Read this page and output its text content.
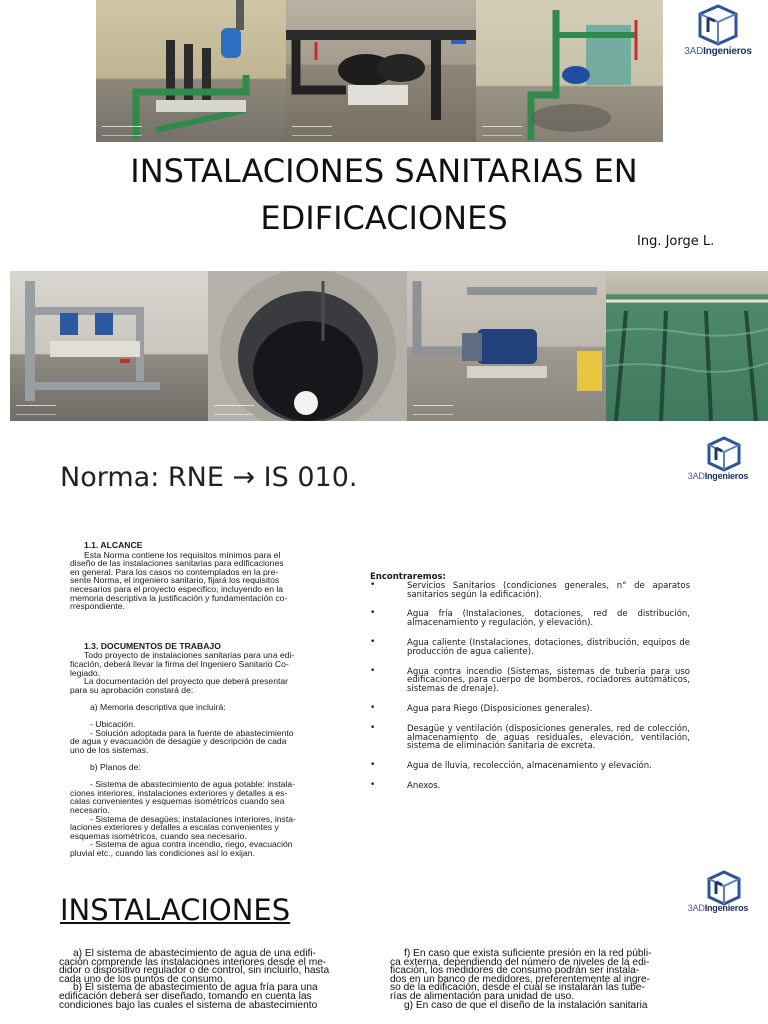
3ADIngenieros
INSTALACIONES SANITARIAS EN
EDIFICACIONES
Ing. Jorge L.
3ADIngenieros
Norma: RNE → IS 010.
1.1. ALCANCE

Esta Norma contiene los requisitos mínimos para el

diseño de las instalaciones sanitarias para edificaciones

en general. Para los casos no contemplados en la pre-

sente Norma, el ingeniero sanitario, fijará los requisitos

necesarios para el proyecto especifico, incluyendo en la

memoria descriptiva la justificación y fundamentación co-

rrespondiente.

1.3. DOCUMENTOS DE TRABAJO

Todo proyecto de instalaciones sanitarias para una edi-

ficación, deberá llevar la firma del Ingeniero Sanitario Co-

legiado.

La documentación del proyecto que deberá presentar

para su aprobación constará de:

a) Memoria descriptiva que incluirá:

- Ubicación.

- Solución adoptada para la fuente de abastecimiento

de agua y evacuación de desagüe y descripción de cada

uno de los sistemas.

b) Planos de:

- Sistema de abastecimiento de agua potable: instala-

ciones interiores, instalaciones exteriores y detalles a es-

calas convenientes y esquemas isométricos cuando sea

necesario.

- Sistema de desagües; instalaciones interiores, insta-

laciones exteriores y detalles a escalas convenientes y

esquemas isométricos, cuando sea necesario.

- Sistema de agua contra incendio, riego, evacuación

pluvial etc., cuando las condiciones así lo exijan.

Encontraremos:
• Servicios Sanitarios (condiciones generales, n° de aparatos sanitarios según la edificación).
• Agua fría (Instalaciones, dotaciones, red de distribución, almacenamiento y regulación, y elevación).
• Agua caliente (Instalaciones, dotaciones, distribución, equipos de producción de agua caliente).
• Agua contra incendio (Sistemas, sistemas de tubería para uso edificaciones, para cuerpo de bomberos, rociadores automáticos, sistemas de drenaje).
• Agua para Riego (Disposiciones generales).
• Desagüe y ventilación (disposiciones generales, red de colección, almacenamiento de aguas residuales, elevación, ventilación, sistema de eliminación sanitaria de excreta.
• Agua de lluvia, recolección, almacenamiento y elevación.
• Anexos.
3ADIngenieros
INSTALACIONES
a) El sistema de abastecimiento de agua de una edifi-
cación comprende las instalaciones interiores desde el me-
didor o dispositivo regulador o de control, sin incluirlo, hasta
cada uno de los puntos de consumo.
b) El sistema de abastecimiento de agua fría para una
edificación deberá ser diseñado, tomando en cuenta las
condiciones bajo las cuales el sistema de abastecimiento
f) En caso que exista suficiente presión en la red públi-
ca externa, dependiendo del número de niveles de la edi-
ficación, los medidores de consumo podrán ser instala-
dos en un banco de medidores, preferentemente al ingre-
so de la edificación, desde el cual se instalarán las tube-
rías de alimentación para unidad de uso.
g) En caso de que el diseño de la instalación sanitaria
